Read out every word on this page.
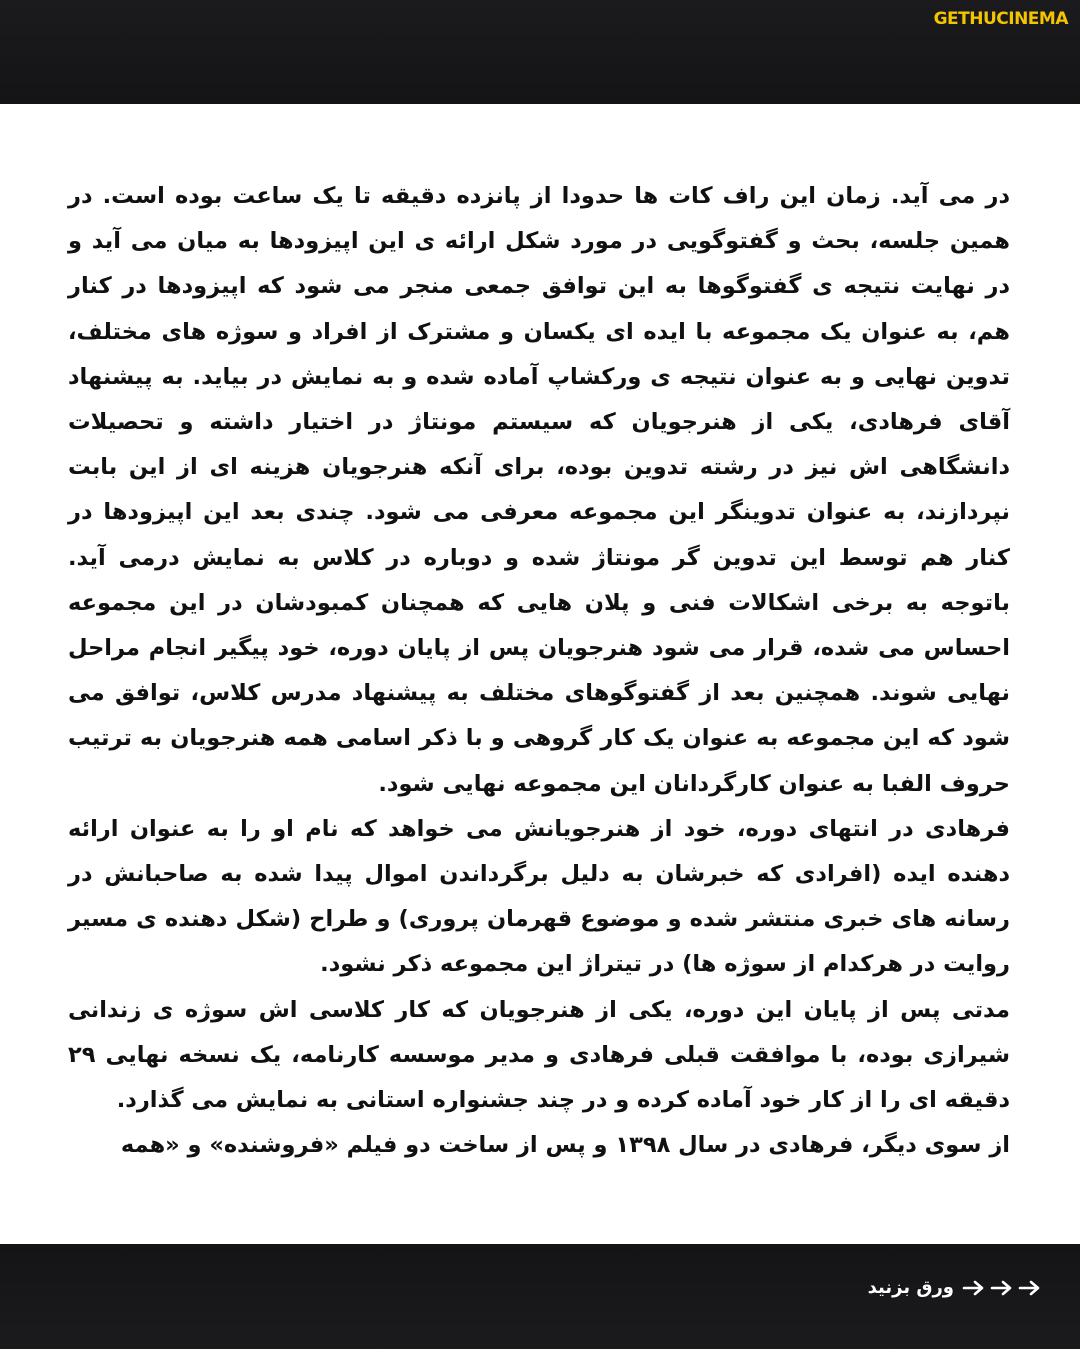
GETHU CINEMA

در می آید. زمان این راف کات ها حدودا از پانزده دقیقه تا یک ساعت بوده است. در همین جلسه، بحث و گفتوگویی در مورد شکل ارائه ی این اپیزودها به میان می آید و در نهایت نتیجه ی گفتوگوها به این توافق جمعی منجر می شود که اپیزودها در کنار هم، به عنوان یک مجموعه با ایده ای یکسان و مشترک از افراد و سوژه های مختلف، تدوین نهایی و به عنوان نتیجه ی ورکشاپ آماده شده و به نمایش در بیاید. به پیشنهاد آقای فرهادی، یکی از هنرجویان که سیستم مونتاژ در اختیار داشته و تحصیلات دانشگاهی اش نیز در رشته تدوین بوده، برای آنکه هنرجویان هزینه ای از این بابت نپردازند، به عنوان تدوینگر این مجموعه معرفی می شود. چندی بعد این اپیزودها در کنار هم توسط این تدوین گر مونتاژ شده و دوباره در کلاس به نمایش درمی آید. باتوجه به برخی اشکالات فنی و پلان هایی که همچنان کمبودشان در این مجموعه احساس می شده، قرار می شود هنرجویان پس از پایان دوره، خود پیگیر انجام مراحل نهایی شوند. همچنین بعد از گفتوگوهای مختلف به پیشنهاد مدرس کلاس، توافق می شود که این مجموعه به عنوان یک کار گروهی و با ذکر اسامی همه هنرجویان به ترتیب حروف الفبا به عنوان کارگردانان این مجموعه نهایی شود.

فرهادی در انتهای دوره، خود از هنرجویانش می خواهد که نام او را به عنوان ارائه دهنده ایده (افرادی که خبرشان به دلیل برگرداندن اموال پیدا شده به صاحبانش در رسانه های خبری منتشر شده و موضوع قهرمان پروری) و طراح (شکل دهنده ی مسیر روایت در هرکدام از سوژه ها) در تیتراژ این مجموعه ذکر نشود.

مدتی پس از پایان این دوره، یکی از هنرجویان که کار کلاسی اش سوژه ی زندانی شیرازی بوده، با موافقت قبلی فرهادی و مدیر موسسه کارنامه، یک نسخه نهایی ۲۹ دقیقه ای را از کار خود آماده کرده و در چند جشنواره استانی به نمایش می گذارد.

از سوی دیگر، فرهادی در سال ۱۳۹۸ و پس از ساخت دو فیلم «فروشنده» و «همه

ورق بزنید
